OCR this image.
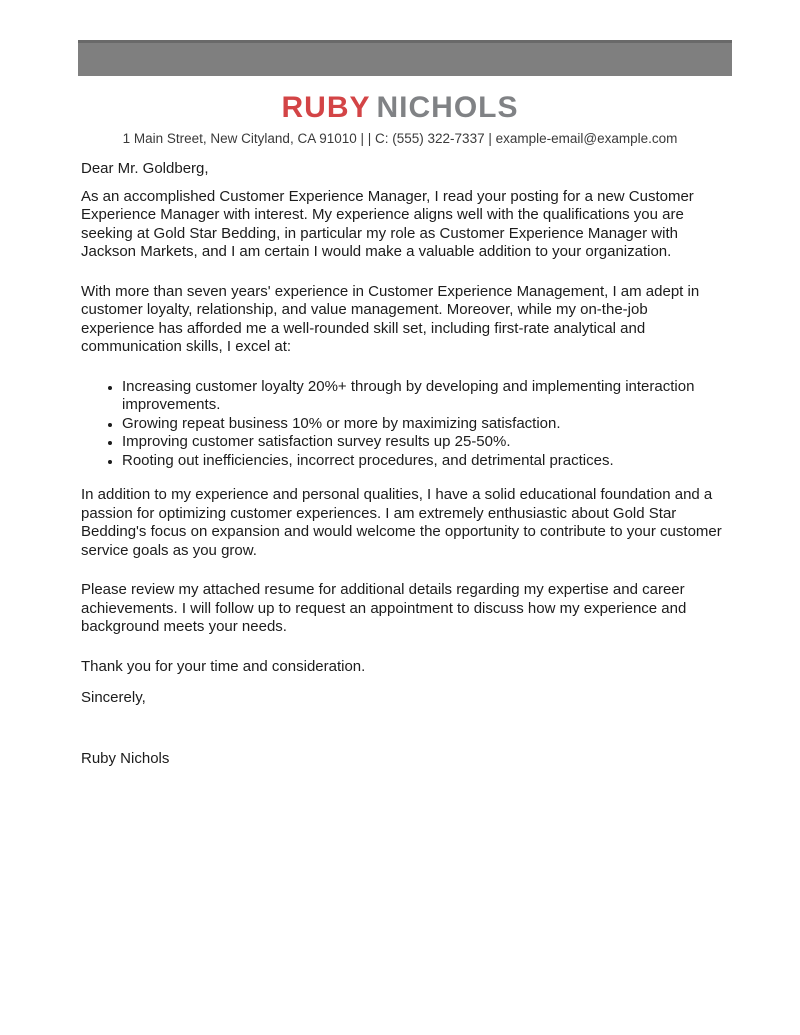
RUBY NICHOLS

1 Main Street, New Cityland, CA 91010 | | C: (555) 322-7337 | example-email@example.com

Dear Mr. Goldberg,

As an accomplished Customer Experience Manager, I read your posting for a new Customer Experience Manager with interest. My experience aligns well with the qualifications you are seeking at Gold Star Bedding, in particular my role as Customer Experience Manager with Jackson Markets, and I am certain I would make a valuable addition to your organization.

With more than seven years' experience in Customer Experience Management, I am adept in customer loyalty, relationship, and value management. Moreover, while my on-the-job experience has afforded me a well-rounded skill set, including first-rate analytical and communication skills, I excel at:

• Increasing customer loyalty 20%+ through by developing and implementing interaction improvements.
• Growing repeat business 10% or more by maximizing satisfaction.
• Improving customer satisfaction survey results up 25-50%.
• Rooting out inefficiencies, incorrect procedures, and detrimental practices.

In addition to my experience and personal qualities, I have a solid educational foundation and a passion for optimizing customer experiences. I am extremely enthusiastic about Gold Star Bedding's focus on expansion and would welcome the opportunity to contribute to your customer service goals as you grow.

Please review my attached resume for additional details regarding my expertise and career achievements. I will follow up to request an appointment to discuss how my experience and background meets your needs.

Thank you for your time and consideration.

Sincerely,

Ruby Nichols
